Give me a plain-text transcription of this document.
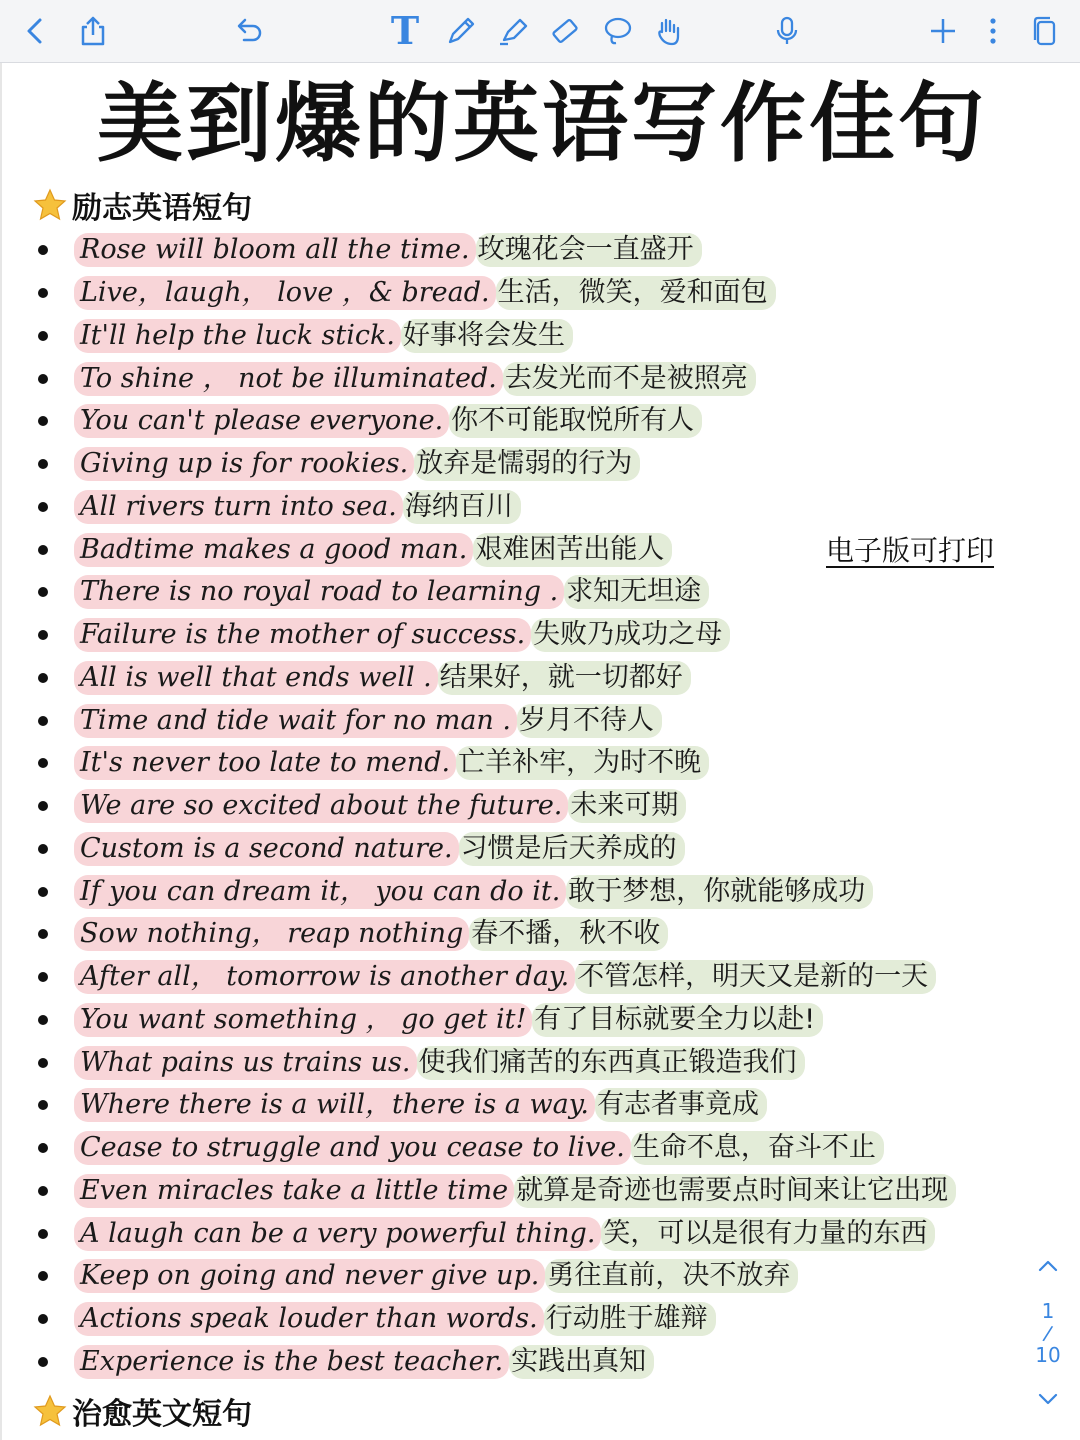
T
美到爆的英语写作佳句
励志英语短句
Rose will bloom all the time. 玫瑰花会一直盛开
Live，laugh， love ，& bread. 生活，微笑，爱和面包
It'll help the luck stick. 好事将会发生
To shine ， not be illuminated. 去发光而不是被照亮
You can't please everyone. 你不可能取悦所有人
Giving up is for rookies. 放弃是懦弱的行为
All rivers turn into sea. 海纳百川
Badtime makes a good man. 艰难困苦出能人
There is no royal road to learning . 求知无坦途
Failure is the mother of success. 失败乃成功之母
All is well that ends well . 结果好，就一切都好
Time and tide wait for no man . 岁月不待人
It's never too late to mend. 亡羊补牢，为时不晚
We are so excited about the future. 未来可期
Custom is a second nature. 习惯是后天养成的
If you can dream it， you can do it. 敢于梦想，你就能够成功
Sow nothing， reap nothing 春不播，秋不收
After all， tomorrow is another day. 不管怎样，明天又是新的一天
You want something ， go get it! 有了目标就要全力以赴!
What pains us trains us. 使我们痛苦的东西真正锻造我们
Where there is a will，there is a way. 有志者事竟成
Cease to struggle and you cease to live. 生命不息，奋斗不止
Even miracles take a little time 就算是奇迹也需要点时间来让它出现
A laugh can be a very powerful thing. 笑，可以是很有力量的东西
Keep on going and never give up. 勇往直前，决不放弃
Actions speak louder than words. 行动胜于雄辩
Experience is the best teacher. 实践出真知
电子版可打印
治愈英文短句
1
/
10
